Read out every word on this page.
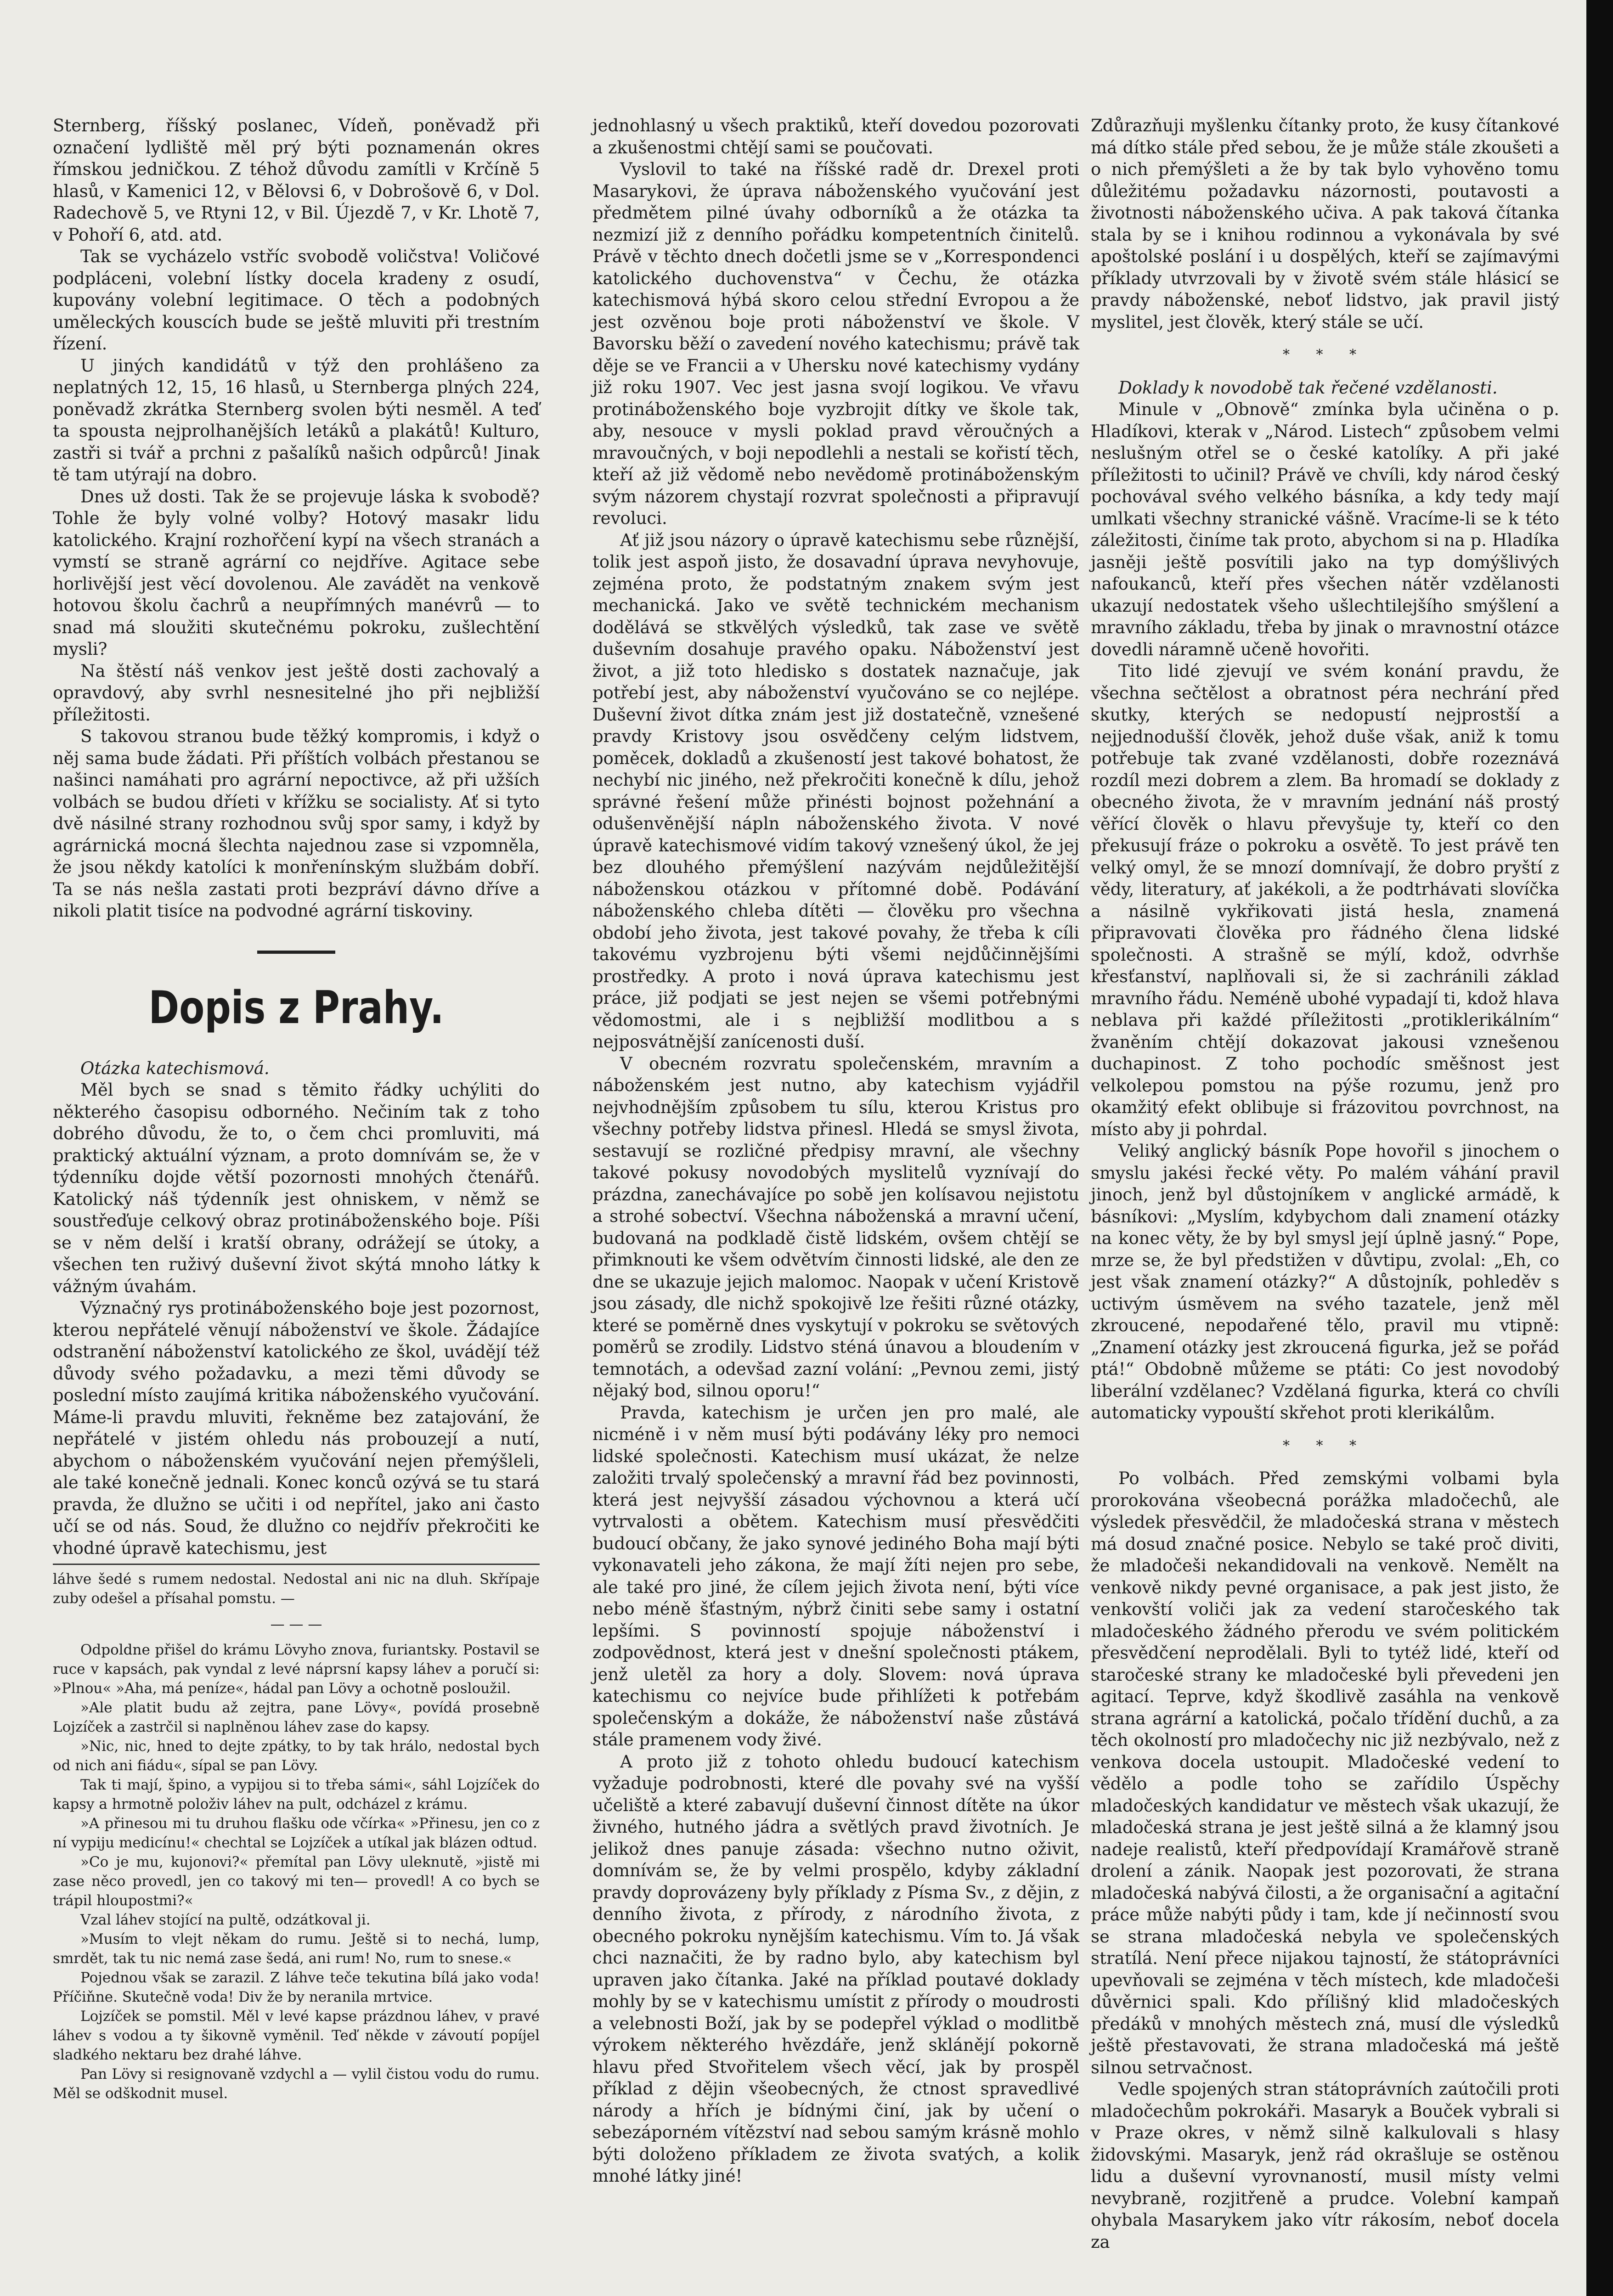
Sternberg, říšský poslanec, Vídeň, poněvadž při označení lydliště měl prý býti poznamenán okres římskou jedničkou. Z téhož důvodu zamítli v Krčíně 5 hlasů, v Kamenici 12, v Bělovsi 6, v Dobrošově 6, v Dol. Radechově 5, ve Rtyni 12, v Bil. Újezdě 7, v Kr. Lhotě 7, v Pohoří 6, atd. atd.

Tak se vycházelo vstříc svobodě voličstva! Voličové podpláceni, volební lístky docela kradeny z osudí, kupovány volební legitimace. O těch a podobných uměleckých kouscích bude se ještě mluviti při trestním řízení.

U jiných kandidátů v týž den prohlášeno za neplatných 12, 15, 16 hlasů, u Sternberga plných 224, poněvadž zkrátka Sternberg svolen býti nesměl. A teď ta spousta nejprolhanějších letáků a plakátů! Kulturo, zastři si tvář a prchni z pašalíků našich odpůrců! Jinak tě tam utýrají na dobro.

Dnes už dosti. Tak že se projevuje láska k svobodě? Tohle že byly volné volby? Hotový masakr lidu katolického. Krajní rozhořčení kypí na všech stranách a vymstí se straně agrární co nejdříve. Agitace sebe horlivější jest věcí dovolenou. Ale zavádět na venkově hotovou školu čachrů a neupřímných manévrů — to snad má sloužiti skutečnému pokroku, zušlechtění mysli?

Na štěstí náš venkov jest ještě dosti zachovalý a opravdový, aby svrhl nesnesitelné jho při nejbližší příležitosti.

S takovou stranou bude těžký kompromis, i když o něj sama bude žádati. Při příštích volbách přestanou se našinci namáhati pro agrární nepoctivce, až při užších volbách se budou dříeti v křížku se socialisty. Ať si tyto dvě násilné strany rozhodnou svůj spor samy, i když by agrárnická mocná šlechta najednou zase si vzpomněla, že jsou někdy katolíci k monřenínským službám dobří. Ta se nás nešla zastati proti bezpráví dávno dříve a nikoli platit tisíce na podvodné agrární tiskoviny.

Dopis z Prahy.

Otázka katechismová.

Měl bych se snad s těmito řádky uchýliti do některého časopisu odborného. Nečiním tak z toho dobrého důvodu, že to, o čem chci promluviti, má praktický aktuální význam, a proto domnívám se, že v týdenníku dojde větší pozornosti mnohých čtenářů. Katolický náš týdenník jest ohniskem, v němž se soustřeďuje celkový obraz protináboženského boje. Píši se v něm delší i kratší obrany, odrážejí se útoky, a všechen ten ruživý duševní život skýtá mnoho látky k vážným úvahám.

Význačný rys protináboženského boje jest pozornost, kterou nepřátelé věnují náboženství ve škole. Žádajíce odstranění náboženství katolického ze škol, uvádějí též důvody svého požadavku, a mezi těmi důvody se poslední místo zaujímá kritika náboženského vyučování. Máme-li pravdu mluviti, řekněme bez zatajování, že nepřátelé v jistém ohledu nás probouzejí a nutí, abychom o náboženském vyučování nejen přemýšleli, ale také konečně jednali. Konec konců ozývá se tu stará pravda, že dlužno se učiti i od nepřítel, jako ani často učí se od nás. Soud, že dlužno co nejdřív překročiti ke vhodné úpravě katechismu, jest

láhve šedé s rumem nedostal. Nedostal ani nic na dluh. Skřípaje zuby odešel a přísahal pomstu. —

— — —

Odpoldne přišel do krámu Lövyho znova, furiantsky. Postavil se ruce v kapsách, pak vyndal z levé náprsní kapsy láhev a poručí si: »Plnou« »Aha, má peníze«, hádal pan Lövy a ochotně posloužil.

»Ale platit budu až zejtra, pane Lövy«, povídá prosebně Lojzíček a zastrčil si naplněnou láhev zase do kapsy.

»Nic, nic, hned to dejte zpátky, to by tak hrálo, nedostal bych od nich ani fiádu«, sípal se pan Lövy.

Tak ti mají, špino, a vypijou si to třeba sámi«, sáhl Lojzíček do kapsy a hrmotně položiv láhev na pult, odcházel z krámu.

»A přinesou mi tu druhou flašku ode včírka« »Přinesu, jen co z ní vypiju medicínu!« chechtal se Lojzíček a utíkal jak blázen odtud.

»Co je mu, kujonovi?« přemítal pan Lövy uleknutě, »jistě mi zase něco provedl, jen co takový mi ten— provedl! A co bych se trápil hloupostmi?«

Vzal láhev stojící na pultě, odzátkoval ji.

»Musím to vlejt někam do rumu. Ještě si to nechá, lump, smrdět, tak tu nic nemá zase šedá, ani rum! No, rum to snese.«

Pojednou však se zarazil. Z láhve teče tekutina bílá jako voda! Příčiňne. Skutečně voda! Div že by neranila mrtvice.

Lojzíček se pomstil. Měl v levé kapse prázdnou láhev, v pravé láhev s vodou a ty šikovně vyměnil. Teď někde v závoutí popíjel sladkého nektaru bez drahé láhve.

Pan Lövy si resignovaně vzdychl a — vylil čistou vodu do rumu. Měl se odškodnit musel.

jednohlasný u všech praktiků, kteří dovedou pozorovati a zkušenostmi chtějí sami se poučovati.

Vyslovil to také na říšské radě dr. Drexel proti Masarykovi, že úprava náboženského vyučování jest předmětem pilné úvahy odborníků a že otázka ta nezmizí již z denního pořádku kompetentních činitelů. Právě v těchto dnech dočetli jsme se v „Korrespondenci katolického duchovenstva“ v Čechu, že otázka katechismová hýbá skoro celou střední Evropou a že jest ozvěnou boje proti náboženství ve škole. V Bavorsku běží o zavedení nového katechismu; právě tak děje se ve Francii a v Uhersku nové katechismy vydány již roku 1907. Vec jest jasna svojí logikou. Ve vřavu protináboženského boje vyzbrojit dítky ve škole tak, aby, nesouce v mysli poklad pravd věroučných a mravoučných, v boji nepodlehli a nestali se kořistí těch, kteří až již vědomě nebo nevědomě protináboženským svým názorem chystají rozvrat společnosti a připravují revoluci.

Ať již jsou názory o úpravě katechismu sebe různější, tolik jest aspoň jisto, že dosavadní úprava nevyhovuje, zejména proto, že podstatným znakem svým jest mechanická. Jako ve světě technickém mechanism dodělává se stkvělých výsledků, tak zase ve světě duševním dosahuje pravého opaku. Náboženství jest život, a již toto hledisko s dostatek naznačuje, jak potřebí jest, aby náboženství vyučováno se co nejlépe. Duševní život dítka znám jest již dostatečně, vznešené pravdy Kristovy jsou osvědčeny celým lidstvem, poměcek, dokladů a zkušeností jest takové bohatost, že nechybí nic jiného, než překročiti konečně k dílu, jehož správné řešení může přinésti bojnost požehnání a odušenvěnější nápln náboženského života. V nové úpravě katechismové vidím takový vznešený úkol, že jej bez dlouhého přemýšlení nazývám nejdůležitější náboženskou otázkou v přítomné době. Podávání náboženského chleba dítěti — člověku pro všechna období jeho života, jest takové povahy, že třeba k cíli takovému vyzbrojenu býti všemi nejdůčinnějšími prostředky. A proto i nová úprava katechismu jest práce, již podjati se jest nejen se všemi potřebnými vědomostmi, ale i s nejbližší modlitbou a s nejposvátnější zanícenosti duší.

V obecném rozvratu společenském, mravním a náboženském jest nutno, aby katechism vyjádřil nejvhodnějším způsobem tu sílu, kterou Kristus pro všechny potřeby lidstva přinesl. Hledá se smysl života, sestavují se rozličné předpisy mravní, ale všechny takové pokusy novodobých myslitelů vyznívají do prázdna, zanechávajíce po sobě jen kolísavou nejistotu a strohé sobectví. Všechna náboženská a mravní učení, budovaná na podkladě čistě lidském, ovšem chtějí se přimknouti ke všem odvětvím činnosti lidské, ale den ze dne se ukazuje jejich malomoc. Naopak v učení Kristově jsou zásady, dle nichž spokojivě lze řešiti různé otázky, které se poměrně dnes vyskytují v pokroku se světových poměrů se zrodily. Lidstvo sténá únavou a bloudením v temnotách, a odevšad zazní volání: „Pevnou zemi, jistý nějaký bod, silnou oporu!“

Pravda, katechism je určen jen pro malé, ale nicméně i v něm musí býti podávány léky pro nemoci lidské společnosti. Katechism musí ukázat, že nelze založiti trvalý společenský a mravní řád bez povinnosti, která jest nejvyšší zásadou výchovnou a která učí vytrvalosti a obětem. Katechism musí přesvědčiti budoucí občany, že jako synové jediného Boha mají býti vykonavateli jeho zákona, že mají žíti nejen pro sebe, ale také pro jiné, že cílem jejich života není, býti více nebo méně šťastným, nýbrž činiti sebe samy i ostatní lepšími. S povinností spojuje náboženství i zodpovědnost, která jest v dnešní společnosti ptákem, jenž uletěl za hory a doly. Slovem: nová úprava katechismu co nejvíce bude přihlížeti k potřebám společenským a dokáže, že náboženství naše zůstává stále pramenem vody živé.

A proto již z tohoto ohledu budoucí katechism vyžaduje podrobnosti, které dle povahy své na vyšší učeliště a které zabavují duševní činnost dítěte na úkor živného, hutného jádra a světlých pravd životních. Je jelikož dnes panuje zásada: všechno nutno oživit, domnívám se, že by velmi prospělo, kdyby základní pravdy doprovázeny byly příklady z Písma Sv., z dějin, z denního života, z přírody, z národního života, z obecného pokroku nynějším katechismu. Vím to. Já však chci naznačiti, že by radno bylo, aby katechism byl upraven jako čítanka. Jaké na příklad poutavé doklady mohly by se v katechismu umístit z přírody o moudrosti a velebnosti Boží, jak by se podepřel výklad o modlitbě výrokem některého hvězdáře, jenž sklánějí pokorně hlavu před Stvořitelem všech věcí, jak by prospěl příklad z dějin všeobecných, že ctnost spravedlivé národy a hřích je bídnými činí, jak by učení o sebezáporném vítězství nad sebou samým krásně mohlo býti doloženo příkladem ze života svatých, a kolik mnohé látky jiné!

Zdůrazňuji myšlenku čítanky proto, že kusy čítankové má dítko stále před sebou, že je může stále zkoušeti a o nich přemýšleti a že by tak bylo vyhověno tomu důležitému požadavku názornosti, poutavosti a životnosti náboženského učiva. A pak taková čítanka stala by se i knihou rodinnou a vykonávala by své apoštolské poslání i u dospělých, kteří se zajímavými příklady utvrzovali by v životě svém stále hlásicí se pravdy náboženské, neboť lidstvo, jak pravil jistý myslitel, jest člověk, který stále se učí.

* * *

Doklady k novodobě tak řečené vzdělanosti.

Minule v „Obnově“ zmínka byla učiněna o p. Hladíkovi, kterak v „Národ. Listech“ způsobem velmi neslušným otřel se o české katolíky. A při jaké příležitosti to učinil? Právě ve chvíli, kdy národ český pochovával svého velkého básníka, a kdy tedy mají umlkati všechny stranické vášně. Vracíme-li se k této záležitosti, činíme tak proto, abychom si na p. Hladíka jasněji ještě posvítili jako na typ domýšlivých nafoukanců, kteří přes všechen nátěr vzdělanosti ukazují nedostatek všeho ušlechtilejšího smýšlení a mravního základu, třeba by jinak o mravnostní otázce dovedli náramně učeně hovořiti.

Tito lidé zjevují ve svém konání pravdu, že všechna sečtělost a obratnost péra nechrání před skutky, kterých se nedopustí nejprostší a nejjednodušší člověk, jehož duše však, aniž k tomu potřebuje tak zvané vzdělanosti, dobře rozeznává rozdíl mezi dobrem a zlem. Ba hromadí se doklady z obecného života, že v mravním jednání náš prostý věřící člověk o hlavu převyšuje ty, kteří co den překusují fráze o pokroku a osvětě. To jest právě ten velký omyl, že se mnozí domnívají, že dobro pryští z vědy, literatury, ať jakékoli, a že podtrhávati slovíčka a násilně vykřikovati jistá hesla, znamená připravovati člověka pro řádného člena lidské společnosti. A strašně se mýlí, kdož, odvrhše křesťanství, naplňovali si, že si zachránili základ mravního řádu. Neméně ubohé vypadají ti, kdož hlava neblava při každé příležitosti „protiklerikálním“ žvaněním chtějí dokazovat jakousi vznešenou duchapinost. Z toho pochodíc směšnost jest velkolepou pomstou na pýše rozumu, jenž pro okamžitý efekt oblibuje si frázovitou povrchnost, na místo aby ji pohrdal.

Veliký anglický básník Pope hovořil s jinochem o smyslu jakési řecké věty. Po malém váhání pravil jinoch, jenž byl důstojníkem v anglické armádě, k básníkovi: „Myslím, kdybychom dali znamení otázky na konec věty, že by byl smysl její úplně jasný.“ Pope, mrze se, že byl předstižen v důvtipu, zvolal: „Eh, co jest však znamení otázky?“ A důstojník, pohleděv s uctivým úsměvem na svého tazatele, jenž měl zkroucené, nepodařené tělo, pravil mu vtipně: „Znamení otázky jest zkroucená figurka, jež se pořád ptá!“ Obdobně můžeme se ptáti: Co jest novodobý liberální vzdělanec? Vzdělaná figurka, která co chvíli automaticky vypouští skřehot proti klerikálům.

* * *

Po volbách. Před zemskými volbami byla prorokována všeobecná porážka mladočechů, ale výsledek přesvědčil, že mladočeská strana v městech má dosud značné posice. Nebylo se také proč diviti, že mladočeši nekandidovali na venkově. Nemělt na venkově nikdy pevné organisace, a pak jest jisto, že venkovští voliči jak za vedení staročeského tak mladočeského žádného přerodu ve svém politickém přesvědčení neprodělali. Byli to tytéž lidé, kteří od staročeské strany ke mladočeské byli převedeni jen agitací. Teprve, když škodlivě zasáhla na venkově strana agrární a katolická, počalo třídění duchů, a za těch okolností pro mladočechy nic již nezbývalo, než z venkova docela ustoupit. Mladočeské vedení to vědělo a podle toho se zařídilo Úspěchy mladočeských kandidatur ve městech však ukazují, že mladočeská strana je jest ještě silná a že klamný jsou nadeje realistů, kteří předpovídají Kramářově straně drolení a zánik. Naopak jest pozorovati, že strana mladočeská nabývá čilosti, a že organisační a agitační práce může nabýti půdy i tam, kde jí nečinností svou se strana mladočeská nebyla ve společenských stratílá. Není přece nijakou tajností, že státoprávníci upevňovali se zejména v těch místech, kde mladočeši důvěrnici spali. Kdo přílišný klid mladočeských předáků v mnohých městech zná, musí dle výsledků ještě přestavovati, že strana mladočeská má ještě silnou setrvačnost.

Vedle spojených stran státoprávních zaútočili proti mladočechům pokrokáři. Masaryk a Bouček vybrali si v Praze okres, v němž silně kalkulovali s hlasy židovskými. Masaryk, jenž rád okrašluje se ostěnou lidu a duševní vyrovnaností, musil místy velmi nevybraně, rozjitřeně a prudce. Volební kampaň ohybala Masarykem jako vítr rákosím, neboť docela za
